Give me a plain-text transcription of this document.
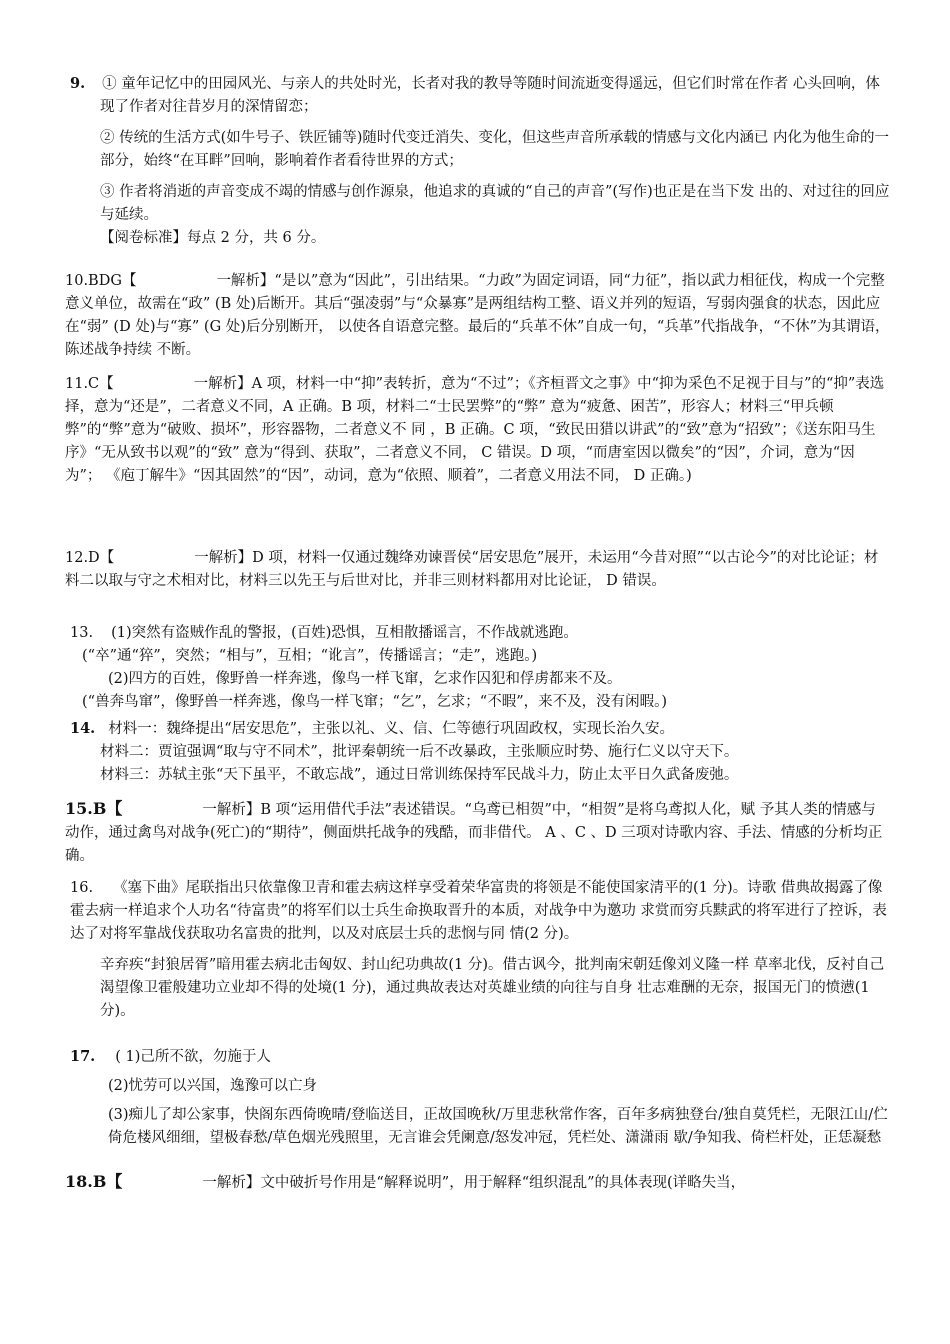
9. ① 童年记忆中的田园风光、与亲人的共处时光，长者对我的教导等随时间流逝变得遥远，但它们时常在作者 心头回响，体现了作者对往昔岁月的深情留恋；

② 传统的生活方式(如牛号子、铁匠铺等)随时代变迁消失、变化，但这些声音所承载的情感与文化内涵已 内化为他生命的一部分，始终“在耳畔”回响，影响着作者看待世界的方式；

③ 作者将消逝的声音变成不竭的情感与创作源泉，他追求的真诚的“自己的声音”(写作)也正是在当下发 出的、对过往的回应与延续。

【阅卷标准】每点 2 分，共 6 分。

10.BDG【	一解析】“是以”意为“因此”，引出结果。“力政”为固定词语，同“力征”，指以武力相征伐，构成一个完整意义单位，故需在“政” (B 处)后断开。其后“强凌弱”与“众暴寡”是两组结构工整、语义并列的短语，写弱肉强食的状态，因此应在“弱” (D 处)与“寡” (G 处)后分别断开， 以使各自语意完整。最后的“兵革不休”自成一句，“兵革”代指战争，“不休”为其谓语，陈述战争持续 不断。

11.C【	一解析】A 项，材料一中“抑”表转折，意为“不过”；《齐桓晋文之事》中“抑为采色不足视于目与”的“抑”表选择，意为“还是”，二者意义不同，A 正确。B 项，材料二“士民罢弊”的“弊” 意为“疲惫、困苦”，形容人；材料三“甲兵顿弊”的“弊”意为“破败、损坏”，形容器物，二者意义不 同 ，B 正确。C 项，“致民田猎以讲武”的“致”意为“招致”；《送东阳马生序》“无从致书以观”的“致” 意为“得到、获取”，二者意义不同， C 错误。D 项，“而唐室因以微矣”的“因”，介词，意为“因为”； 《庖丁解牛》“因其固然”的“因”，动词，意为“依照、顺着”，二者意义用法不同， D 正确。)

12.D【	一解析】D 项，材料一仅通过魏绛劝谏晋侯“居安思危”展开，未运用“今昔对照”“以古论今”的对比论证；材料二以取与守之术相对比，材料三以先王与后世对比，并非三则材料都用对比论证， D 错误。

13. (1)突然有盗贼作乱的警报，(百姓)恐惧，互相散播谣言，不作战就逃跑。

(“卒”通“猝”，突然；“相与”，互相；“讹言”，传播谣言；“走”，逃跑。)

(2)四方的百姓，像野兽一样奔逃，像鸟一样飞窜，乞求作囚犯和俘虏都来不及。

(“兽奔鸟窜”，像野兽一样奔逃，像鸟一样飞窜；“乞”，乞求；“不暇”，来不及，没有闲暇。)

14. 材料一：魏绛提出“居安思危”，主张以礼、义、信、仁等德行巩固政权，实现长治久安。

材料二：贾谊强调“取与守不同术”，批评秦朝统一后不改暴政，主张顺应时势、施行仁义以守天下。

材料三：苏轼主张“天下虽平，不敢忘战”，通过日常训练保持军民战斗力，防止太平日久武备废弛。

15.B【	一解析】B 项“运用借代手法”表述错误。“乌鸢已相贺”中，“相贺”是将乌鸢拟人化，赋 予其人类的情感与动作，通过禽鸟对战争(死亡)的“期待”，侧面烘托战争的残酷，而非借代。 A 、C 、D 三项对诗歌内容、手法、情感的分析均正确。

16. 《塞下曲》尾联指出只依靠像卫青和霍去病这样享受着荣华富贵的将领是不能使国家清平的(1 分)。诗歌 借典故揭露了像霍去病一样追求个人功名“待富贵”的将军们以士兵生命换取晋升的本质，对战争中为邀功 求赏而穷兵黩武的将军进行了控诉，表达了对将军靠战伐获取功名富贵的批判，以及对底层士兵的悲悯与同 情(2 分)。

辛弃疾“封狼居胥”暗用霍去病北击匈奴、封山纪功典故(1 分)。借古讽今，批判南宋朝廷像刘义隆一样 草率北伐，反衬自己渴望像卫霍般建功立业却不得的处境(1 分)，通过典故表达对英雄业绩的向往与自身 壮志难酬的无奈，报国无门的愤懑(1 分)。

17. ( 1)己所不欲，勿施于人

(2)忧劳可以兴国，逸豫可以亡身

(3)痴儿了却公家事，快阁东西倚晚晴/登临送目，正故国晚秋/万里悲秋常作客，百年多病独登台/独自莫凭栏，无限江山/伫倚危楼风细细，望极春愁/草色烟光残照里，无言谁会凭阑意/怒发冲冠，凭栏处、潇潇雨 歇/争知我、倚栏杆处，正恁凝愁

18.B【	一解析】文中破折号作用是“解释说明”，用于解释“组织混乱”的具体表现(详略失当，
